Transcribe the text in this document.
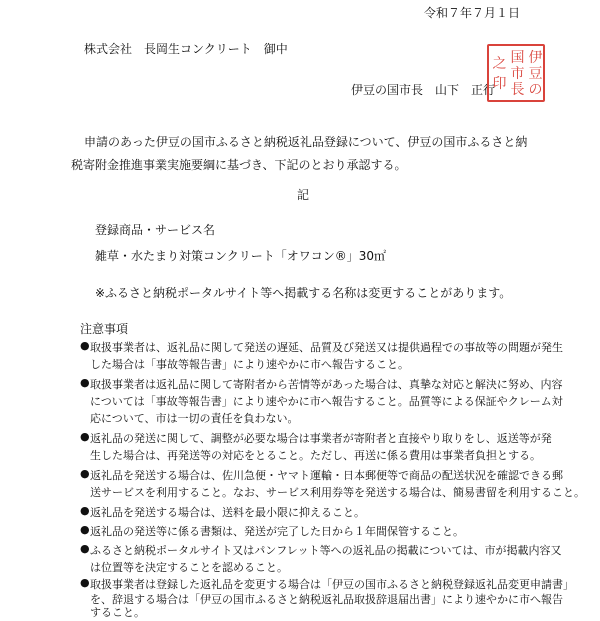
令和７年７月１日
株式会社　長岡生コンクリート　御中
伊豆の国市長　山下　正行
伊
豆
の
国
市
長
之
印
申請のあった伊豆の国市ふるさと納税返礼品登録について、伊豆の国市ふるさと納
税寄附金推進事業実施要綱に基づき、下記のとおり承認する。
記
登録商品・サービス名
雑草・水たまり対策コンクリート「オワコン®」30㎡
※ふるさと納税ポータルサイト等へ掲載する名称は変更することがあります。
注意事項
● 取扱事業者は、返礼品に関して発送の遅延、品質及び発送又は提供過程での事故等の問題が発生
した場合は「事故等報告書」により速やかに市へ報告すること。
● 取扱事業者は返礼品に関して寄附者から苦情等があった場合は、真摯な対応と解決に努め、内容
については「事故等報告書」により速やかに市へ報告すること。品質等による保証やクレーム対
応について、市は一切の責任を負わない。
● 返礼品の発送に関して、調整が必要な場合は事業者が寄附者と直接やり取りをし、返送等が発
生した場合は、再発送等の対応をとること。ただし、再送に係る費用は事業者負担とする。
● 返礼品を発送する場合は、佐川急便・ヤマト運輸・日本郵便等で商品の配送状況を確認できる郵
送サービスを利用すること。なお、サービス利用券等を発送する場合は、簡易書留を利用すること。
● 返礼品を発送する場合は、送料を最小限に抑えること。
● 返礼品の発送等に係る書類は、発送が完了した日から１年間保管すること。
● ふるさと納税ポータルサイト又はパンフレット等への返礼品の掲載については、市が掲載内容又
は位置等を決定することを認めること。
● 取扱事業者は登録した返礼品を変更する場合は「伊豆の国市ふるさと納税登録返礼品変更申請書」
を、辞退する場合は「伊豆の国市ふるさと納税返礼品取扱辞退届出書」により速やかに市へ報告
すること。
